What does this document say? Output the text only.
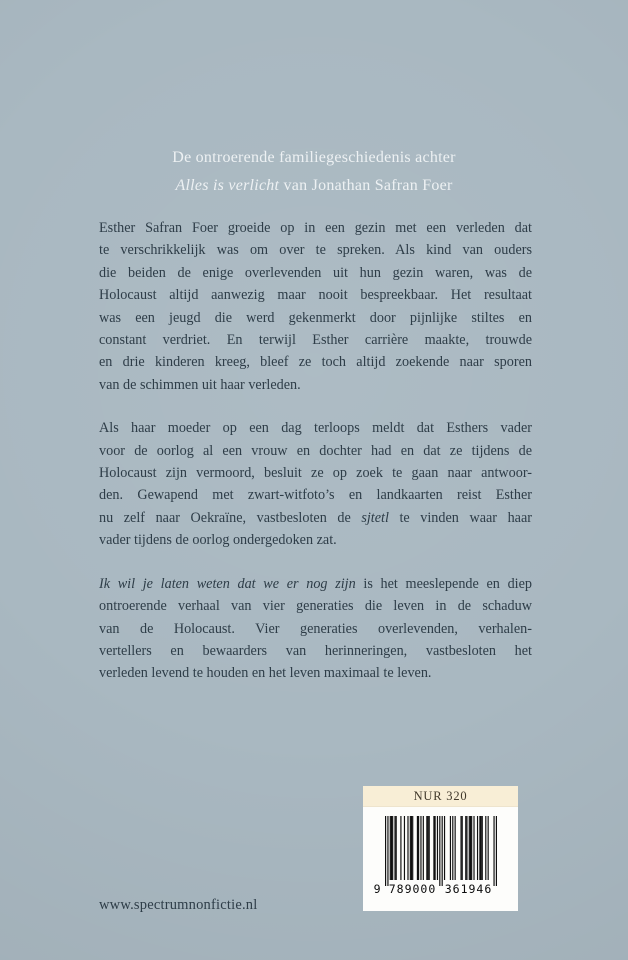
De ontroerende familiegeschiedenis achter
Alles is verlicht van Jonathan Safran Foer
Esther Safran Foer groeide op in een gezin met een verleden dat
te verschrikkelijk was om over te spreken. Als kind van ouders
die beiden de enige overlevenden uit hun gezin waren, was de
Holocaust altijd aanwezig maar nooit bespreekbaar. Het resultaat
was een jeugd die werd gekenmerkt door pijnlijke stiltes en
constant verdriet. En terwijl Esther carrière maakte, trouwde
en drie kinderen kreeg, bleef ze toch altijd zoekende naar sporen
van de schimmen uit haar verleden.
Als haar moeder op een dag terloops meldt dat Esthers vader
voor de oorlog al een vrouw en dochter had en dat ze tijdens de
Holocaust zijn vermoord, besluit ze op zoek te gaan naar antwoor-
den. Gewapend met zwart-witfoto’s en landkaarten reist Esther
nu zelf naar Oekraïne, vastbesloten de sjtetl te vinden waar haar
vader tijdens de oorlog ondergedoken zat.
Ik wil je laten weten dat we er nog zijn is het meeslepende en diep
ontroerende verhaal van vier generaties die leven in de schaduw
van de Holocaust. Vier generaties overlevenden, verhalen-
vertellers en bewaarders van herinneringen, vastbesloten het
verleden levend te houden en het leven maximaal te leven.
www.spectrumnonfictie.nl
NUR 320
9 789000 361946
